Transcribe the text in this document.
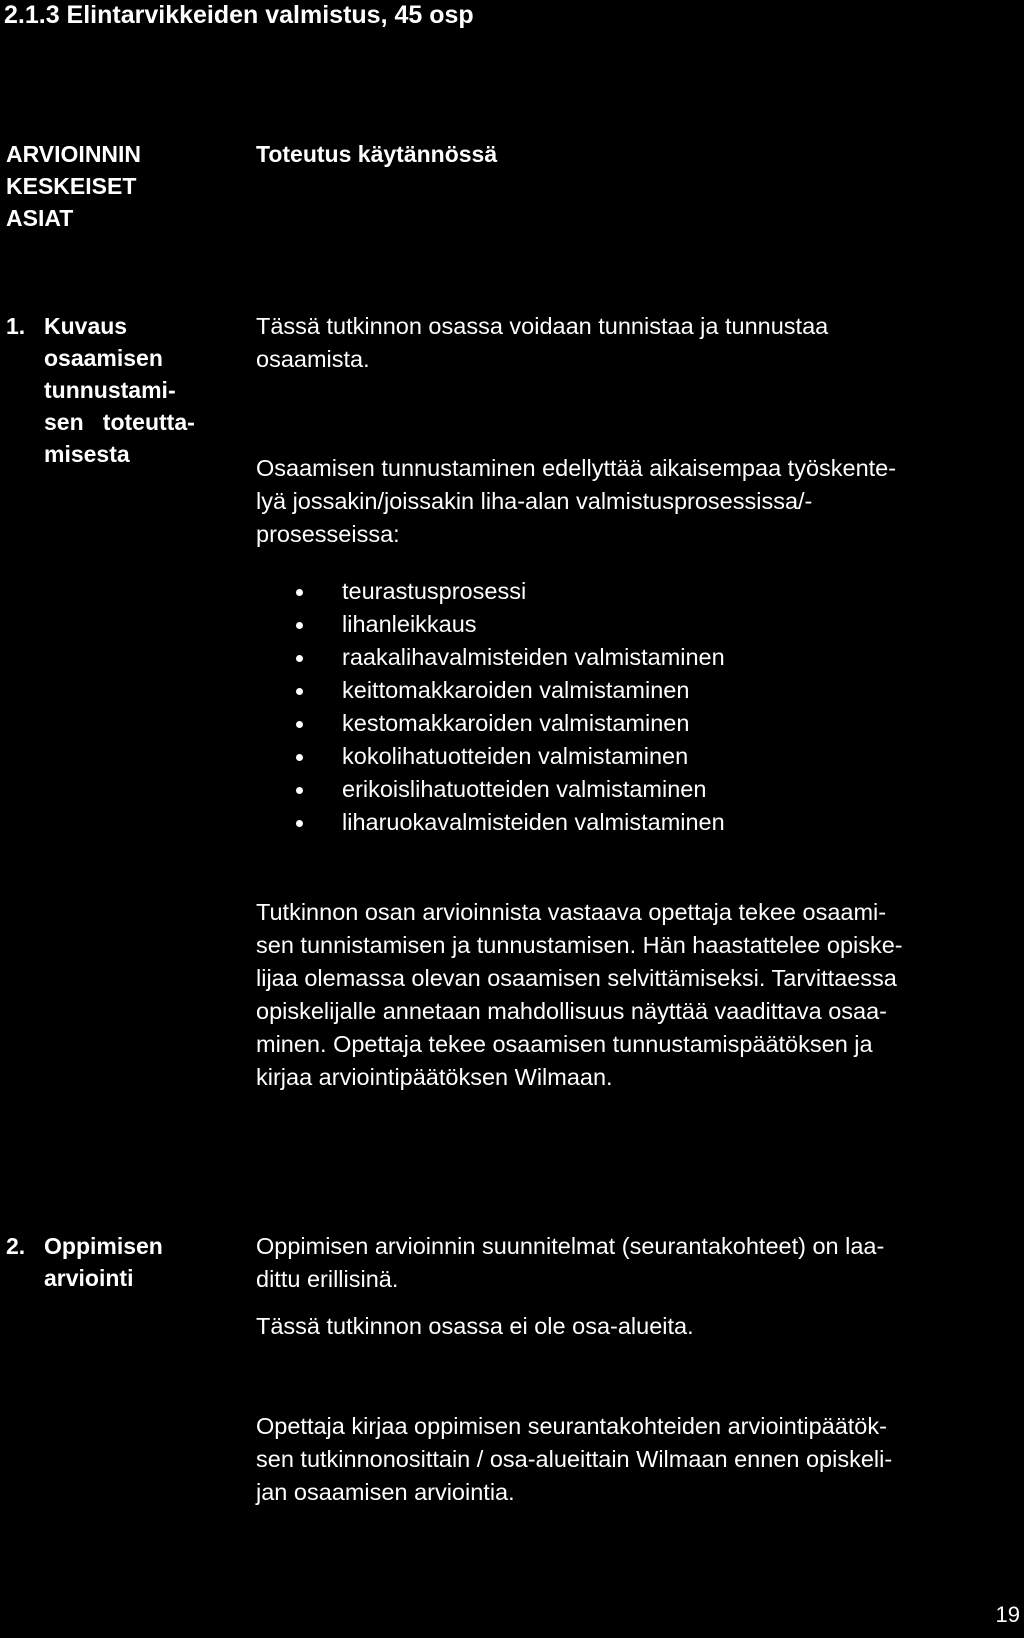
2.1.3 Elintarvikkeiden valmistus, 45 osp
ARVIOINNIN
KESKEISET
ASIAT
Toteutus käytännössä
1. Kuvaus
osaamisen
tunnustami-
sen   toteutta-
misesta

Tässä tutkinnon osassa voidaan tunnistaa ja tunnustaa

osaamista.

Osaamisen tunnustaminen edellyttää aikaisempaa työskente-

lyä jossakin/joissakin liha-alan valmistusprosessissa/-

prosesseissa:

teurastusprosessi
lihanleikkaus
raakalihavalmisteiden valmistaminen
keittomakkaroiden valmistaminen
kestomakkaroiden valmistaminen
kokolihatuotteiden valmistaminen
erikoislihatuotteiden valmistaminen
liharuokavalmisteiden valmistaminen

Tutkinnon osan arvioinnista vastaava opettaja tekee osaami-

sen tunnistamisen ja tunnustamisen. Hän haastattelee opiske-

lijaa olemassa olevan osaamisen selvittämiseksi. Tarvittaessa

opiskelijalle annetaan mahdollisuus näyttää vaadittava osaa-

minen. Opettaja tekee osaamisen tunnustamispäätöksen ja

kirjaa arviointipäätöksen Wilmaan.

2. Oppimisen
arviointi

Oppimisen arvioinnin suunnitelmat (seurantakohteet) on laa-

dittu erillisinä.

Tässä tutkinnon osassa ei ole osa-alueita.

Opettaja kirjaa oppimisen seurantakohteiden arviointipäätök-

sen tutkinnonosittain / osa-alueittain Wilmaan ennen opiskeli-

jan osaamisen arviointia.

19
